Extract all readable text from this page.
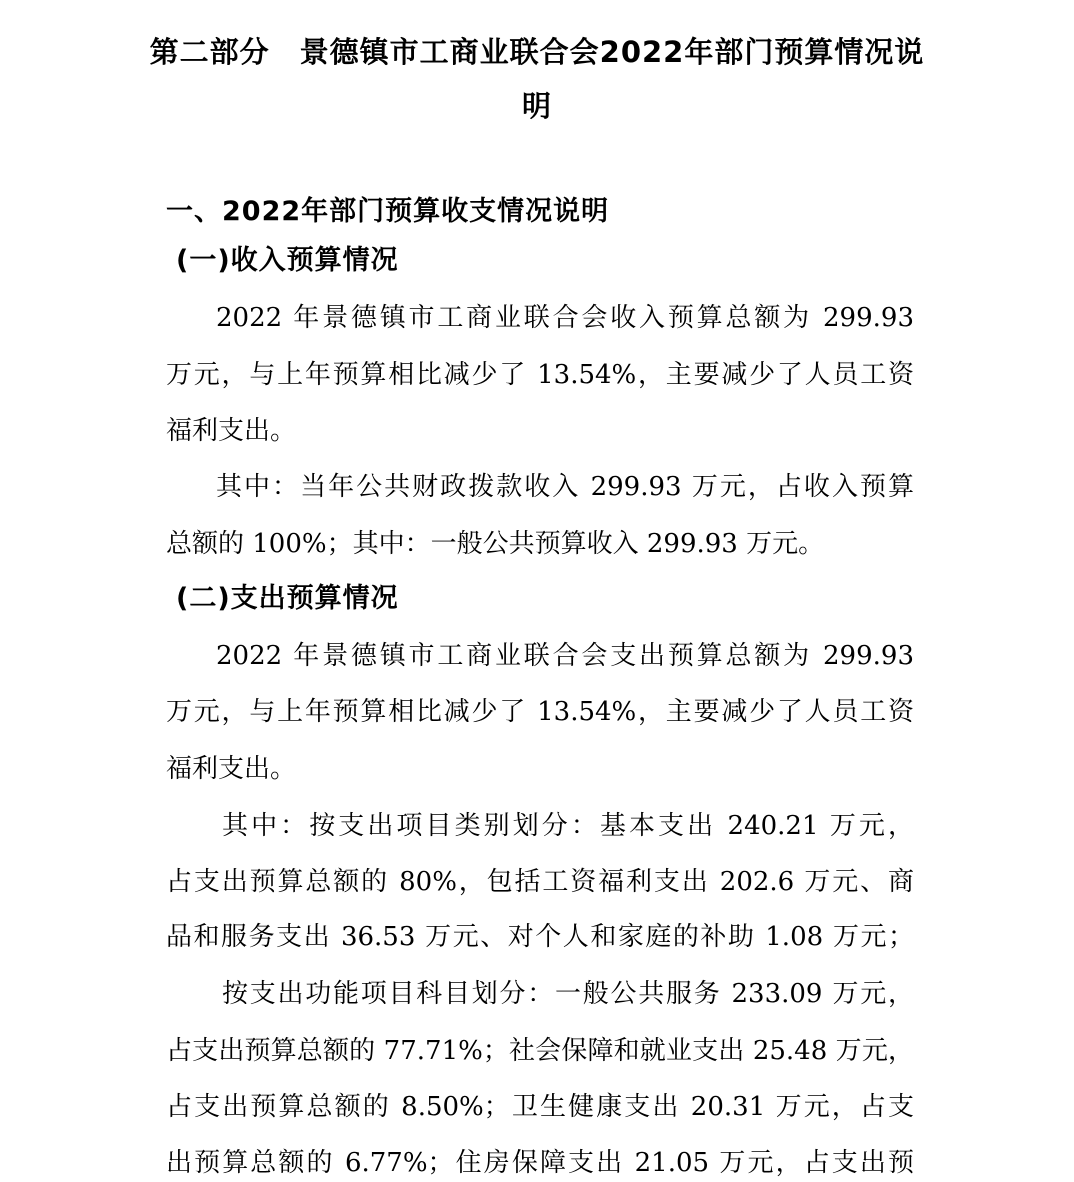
第二部分　景德镇市工商业联合会2022年部门预算情况说
明
一、2022年部门预算收支情况说明
(一)收入预算情况
2022 年景德镇市工商业联合会收入预算总额为 299.93
万元，与上年预算相比减少了 13.54%，主要减少了人员工资
福利支出。
其中：当年公共财政拨款收入 299.93 万元，占收入预算
总额的 100%；其中：一般公共预算收入 299.93 万元。
(二)支出预算情况
2022 年景德镇市工商业联合会支出预算总额为 299.93
万元，与上年预算相比减少了 13.54%，主要减少了人员工资
福利支出。
其中：按支出项目类别划分：基本支出 240.21 万元，
占支出预算总额的 80%，包括工资福利支出 202.6 万元、商
品和服务支出 36.53 万元、对个人和家庭的补助 1.08 万元；
按支出功能项目科目划分：一般公共服务 233.09 万元，
占支出预算总额的 77.71%；社会保障和就业支出 25.48 万元，
占支出预算总额的 8.50%；卫生健康支出 20.31 万元，占支
出预算总额的 6.77%；住房保障支出 21.05 万元，占支出预
